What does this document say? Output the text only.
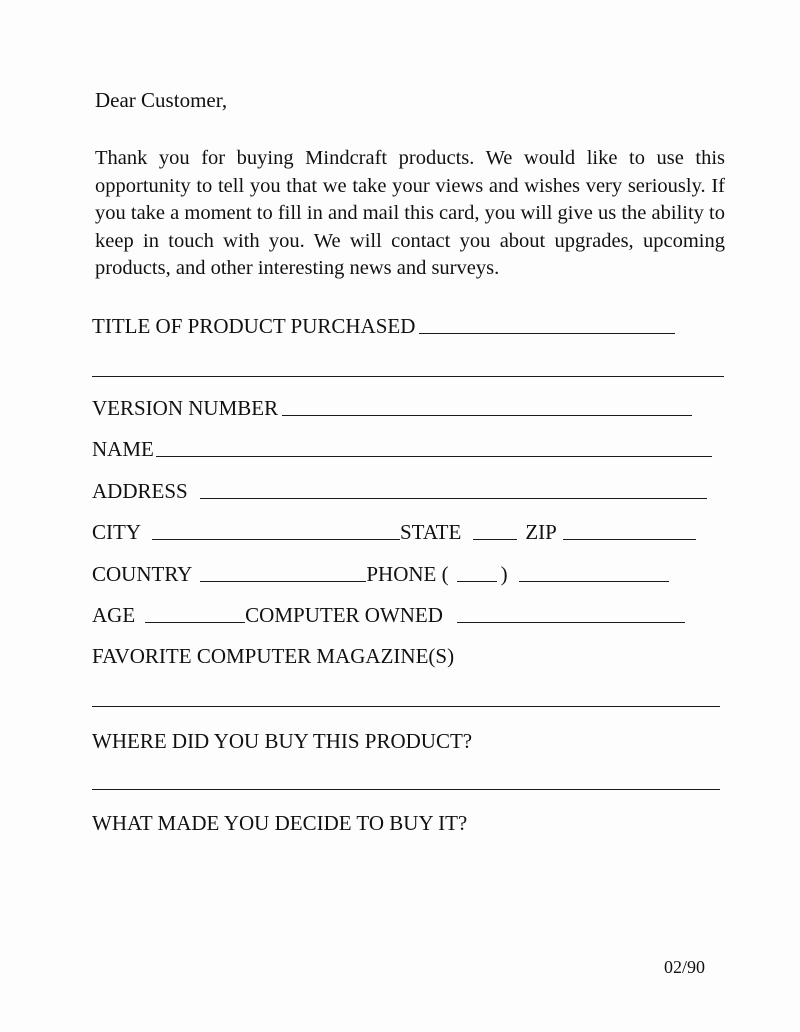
Dear Customer,

Thank you for buying Mindcraft products. We would like to use this opportunity to tell you that we take your views and wishes very seriously. If you take a moment to fill in and mail this card, you will give us the ability to keep in touch with you. We will contact you about upgrades, upcoming products, and other interesting news and surveys.

TITLE OF PRODUCT PURCHASED
VERSION NUMBER
NAME
ADDRESS
CITY	STATE	ZIP
COUNTRY	PHONE ( )
AGE	COMPUTER OWNED
FAVORITE COMPUTER MAGAZINE(S)
WHERE DID YOU BUY THIS PRODUCT?
WHAT MADE YOU DECIDE TO BUY IT?

02/90
